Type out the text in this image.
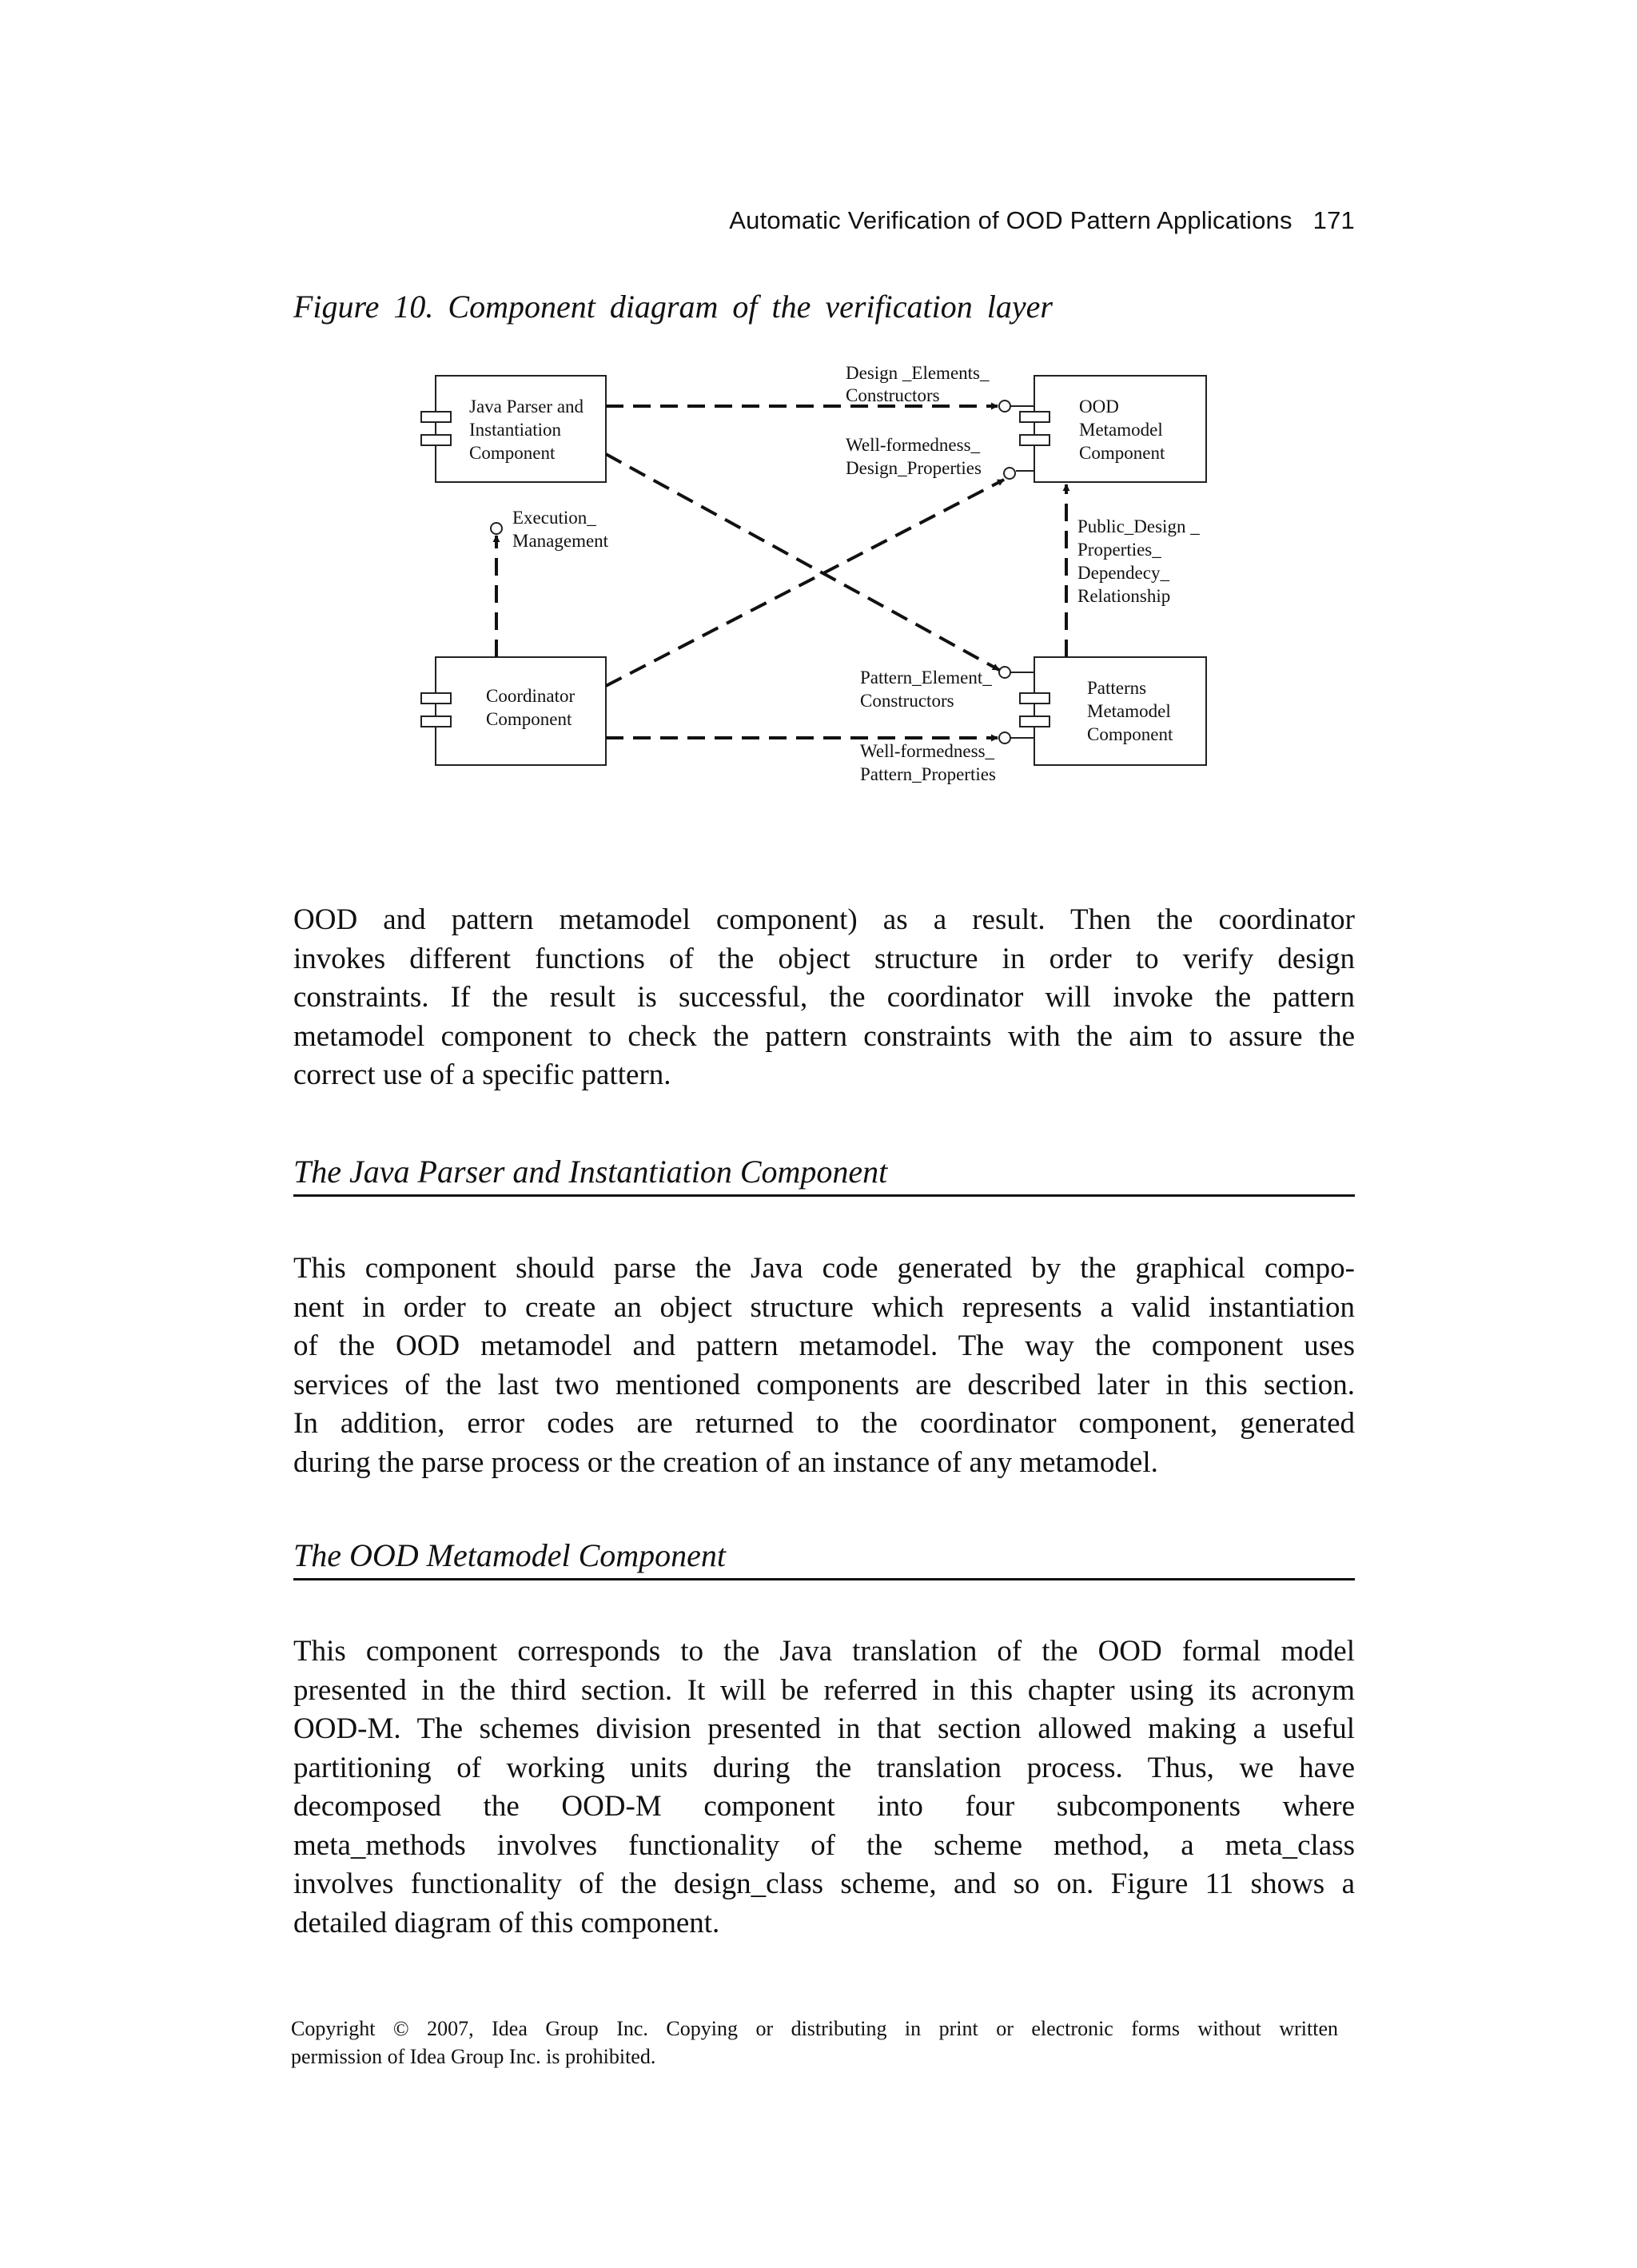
Automatic Verification of OOD Pattern Applications 171
Figure 10. Component diagram of the verification layer
Java Parser and
Instantiation
Component
OOD
Metamodel
Component
Coordinator
Component
Patterns
Metamodel
Component
Design _Elements_
Constructors
Well-formedness_
Design_Properties
Execution_
Management
Public_Design _
Properties_
Dependecy_
Relationship
Pattern_Element_
Constructors
Well-formedness_
Pattern_Properties
OOD and pattern metamodel component) as a result. Then the coordinator
invokes different functions of the object structure in order to verify design
constraints. If the result is successful, the coordinator will invoke the pattern
metamodel component to check the pattern constraints with the aim to assure the
correct use of a specific pattern.
The Java Parser and Instantiation Component
This component should parse the Java code generated by the graphical compo-
nent in order to create an object structure which represents a valid instantiation
of the OOD metamodel and pattern metamodel. The way the component uses
services of the last two mentioned components are described later in this section.
In addition, error codes are returned to the coordinator component, generated
during the parse process or the creation of an instance of any metamodel.
The OOD Metamodel Component
This component corresponds to the Java translation of the OOD formal model
presented in the third section. It will be referred in this chapter using its acronym
OOD-M. The schemes division presented in that section allowed making a useful
partitioning of working units during the translation process. Thus, we have
decomposed the OOD-M component into four subcomponents where
meta_methods involves functionality of the scheme method, a meta_class
involves functionality of the design_class scheme, and so on. Figure 11 shows a
detailed diagram of this component.
Copyright © 2007, Idea Group Inc. Copying or distributing in print or electronic forms without written
permission of Idea Group Inc. is prohibited.
